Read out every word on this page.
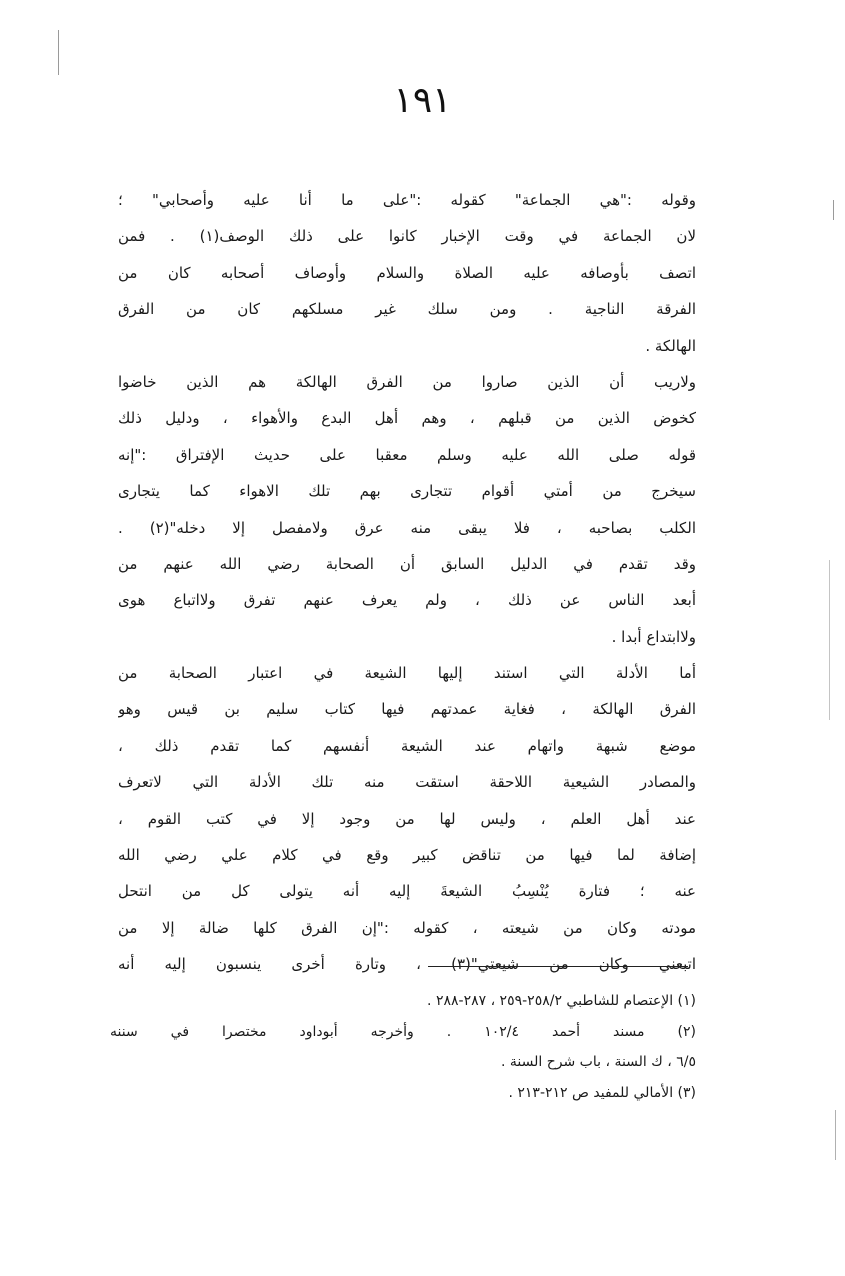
١٩١
وقوله :"هي الجماعة" كقوله :"على ما أنا عليه وأصحابي" ؛
لان الجماعة في وقت الإخبار كانوا على ذلك الوصف(١) . فمن
اتصف بأوصافه عليه الصلاة والسلام وأوصاف أصحابه كان من
الفرقة الناجية . ومن سلك غير مسلكهم كان من الفرق
الهالكة .
ولاريب أن الذين صاروا من الفرق الهالكة هم الذين خاضوا
كخوض الذين من قبلهم ، وهم أهل البدع والأهواء ، ودليل ذلك
قوله صلى الله عليه وسلم معقبا على حديث الإفتراق :"إنه
سيخرج من أمتي أقوام تتجارى بهم تلك الاهواء كما يتجارى
الكلب بصاحبه ، فلا يبقى منه عرق ولامفصل إلا دخله"(٢) .
وقد تقدم في الدليل السابق أن الصحابة رضي الله عنهم من
أبعد الناس عن ذلك ، ولم يعرف عنهم تفرق ولااتباع هوى
ولاابتداع أبدا .
أما الأدلة التي استند إليها الشيعة في اعتبار الصحابة من
الفرق الهالكة ، فغاية عمدتهم فيها كتاب سليم بن قيس وهو
موضع شبهة واتهام عند الشيعة أنفسهم كما تقدم ذلك ،
والمصادر الشيعية اللاحقة استقت منه تلك الأدلة التي لاتعرف
عند أهل العلم ، وليس لها من وجود إلا في كتب القوم ،
إضافة لما فيها من تناقض كبير وقع في كلام علي رضي الله
عنه ؛ فتارة يُنْسِبُ الشيعةَ إليه أنه يتولى كل من انتحل
مودته وكان من شيعته ، كقوله :"إن الفرق كلها ضالة إلا من
اتبعني وكان من شيعتي"(٣) ، وتارة أخرى ينسبون إليه أنه
(١) الإعتصام للشاطبي ٢٥٨/٢-٢٥٩ ، ٢٨٧-٢٨٨ .
(٢) مسند أحمد ١٠٢/٤ . وأخرجه أبوداود مختصرا في سننه
٦/٥ ، ك السنة ، باب شرح السنة .
(٣) الأمالي للمفيد ص ٢١٢-٢١٣ .
